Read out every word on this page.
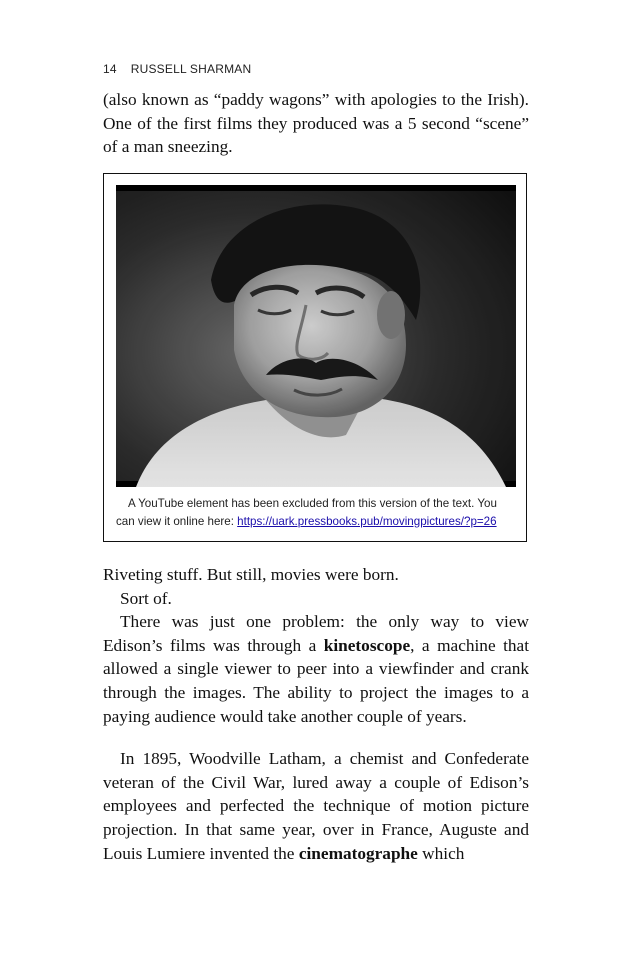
14 RUSSELL SHARMAN

(also known as “paddy wagons” with apologies to the Irish). One of the first films they produced was a 5 second “scene” of a man sneezing.

A YouTube element has been excluded from this version of the text. You can view it online here: https://uark.pressbooks.pub/movingpictures/?p=26

Riveting stuff. But still, movies were born.

Sort of.

There was just one problem: the only way to view Edison’s films was through a kinetoscope, a machine that allowed a single viewer to peer into a viewfinder and crank through the images. The ability to project the images to a paying audience would take another couple of years.

In 1895, Woodville Latham, a chemist and Confederate veteran of the Civil War, lured away a couple of Edison’s employees and perfected the technique of motion picture projection. In that same year, over in France, Auguste and Louis Lumiere invented the cinematographe which
